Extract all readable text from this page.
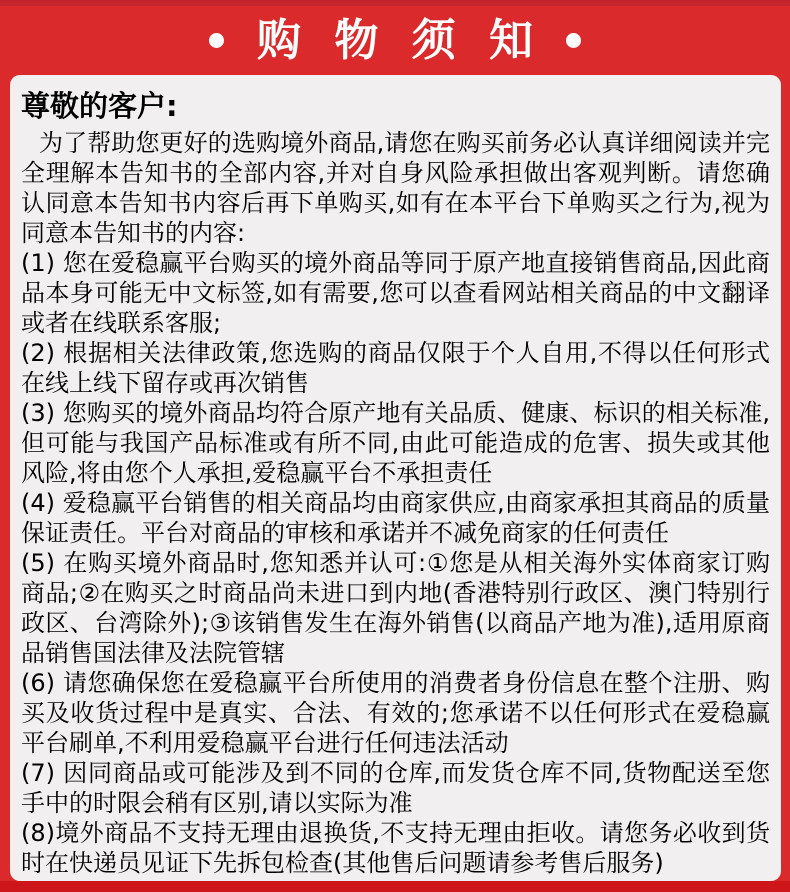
购 物 须 知
尊敬的客户:

为了帮助您更好的选购境外商品,请您在购买前务必认真详细阅读并完全理解本告知书的全部内容,并对自身风险承担做出客观判断。请您确认同意本告知书内容后再下单购买,如有在本平台下单购买之行为,视为同意本告知书的内容:

(1) 您在爱稳赢平台购买的境外商品等同于原产地直接销售商品,因此商品本身可能无中文标签,如有需要,您可以查看网站相关商品的中文翻译或者在线联系客服;

(2) 根据相关法律政策,您选购的商品仅限于个人自用,不得以任何形式在线上线下留存或再次销售

(3) 您购买的境外商品均符合原产地有关品质、健康、标识的相关标准,但可能与我国产品标准或有所不同,由此可能造成的危害、损失或其他风险,将由您个人承担,爱稳赢平台不承担责任

(4) 爱稳赢平台销售的相关商品均由商家供应,由商家承担其商品的质量保证责任。平台对商品的审核和承诺并不减免商家的任何责任

(5) 在购买境外商品时,您知悉并认可:①您是从相关海外实体商家订购商品;②在购买之时商品尚未进口到内地(香港特别行政区、澳门特别行政区、台湾除外);③该销售发生在海外销售(以商品产地为准),适用原商品销售国法律及法院管辖

(6) 请您确保您在爱稳赢平台所使用的消费者身份信息在整个注册、购买及收货过程中是真实、合法、有效的;您承诺不以任何形式在爱稳赢平台刷单,不利用爱稳赢平台进行任何违法活动

(7) 因同商品或可能涉及到不同的仓库,而发货仓库不同,货物配送至您手中的时限会稍有区别,请以实际为准

(8)境外商品不支持无理由退换货,不支持无理由拒收。请您务必收到货时在快递员见证下先拆包检查(其他售后问题请参考售后服务)
